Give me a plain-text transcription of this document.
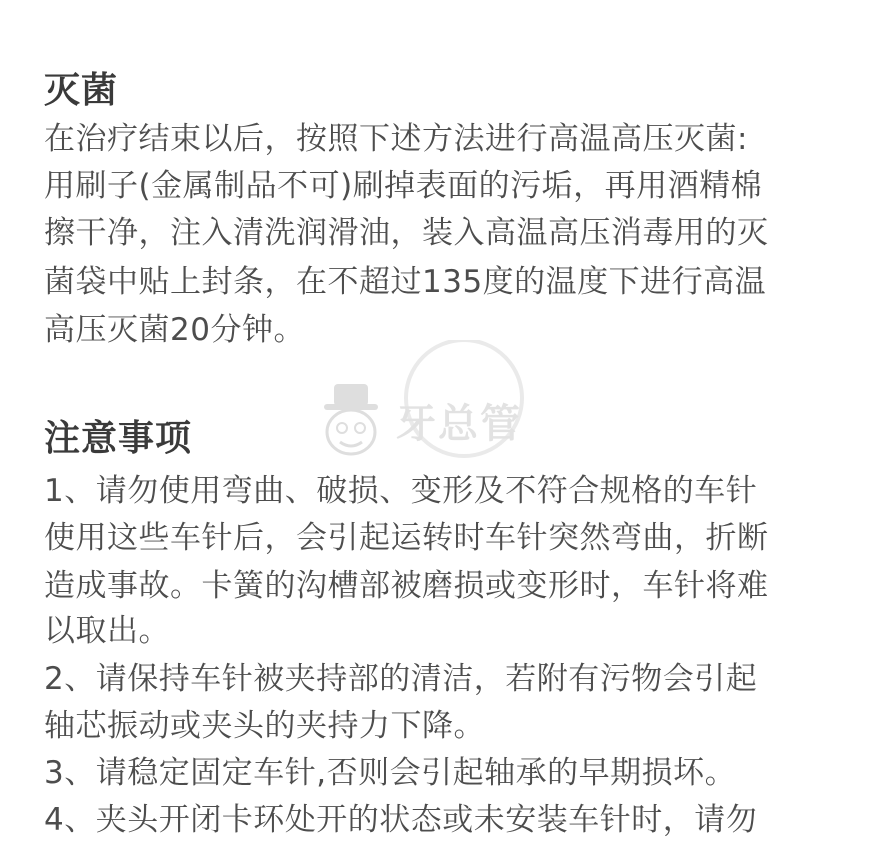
灭菌
在治疗结束以后，按照下述方法进行高温高压灭菌:
用刷子(金属制品不可)刷掉表面的污垢，再用酒精棉
擦干净，注入清洗润滑油，装入高温高压消毒用的灭
菌袋中贴上封条，在不超过135度的温度下进行高温
高压灭菌20分钟。
注意事项
1、请勿使用弯曲、破损、变形及不符合规格的车针
使用这些车针后，会引起运转时车针突然弯曲，折断
造成事故。卡簧的沟槽部被磨损或变形时，车针将难
以取出。
2、请保持车针被夹持部的清洁，若附有污物会引起
轴芯振动或夹头的夹持力下降。
3、请稳定固定车针,否则会引起轴承的早期损坏。
4、夹头开闭卡环处开的状态或未安装车针时，请勿
牙总管
